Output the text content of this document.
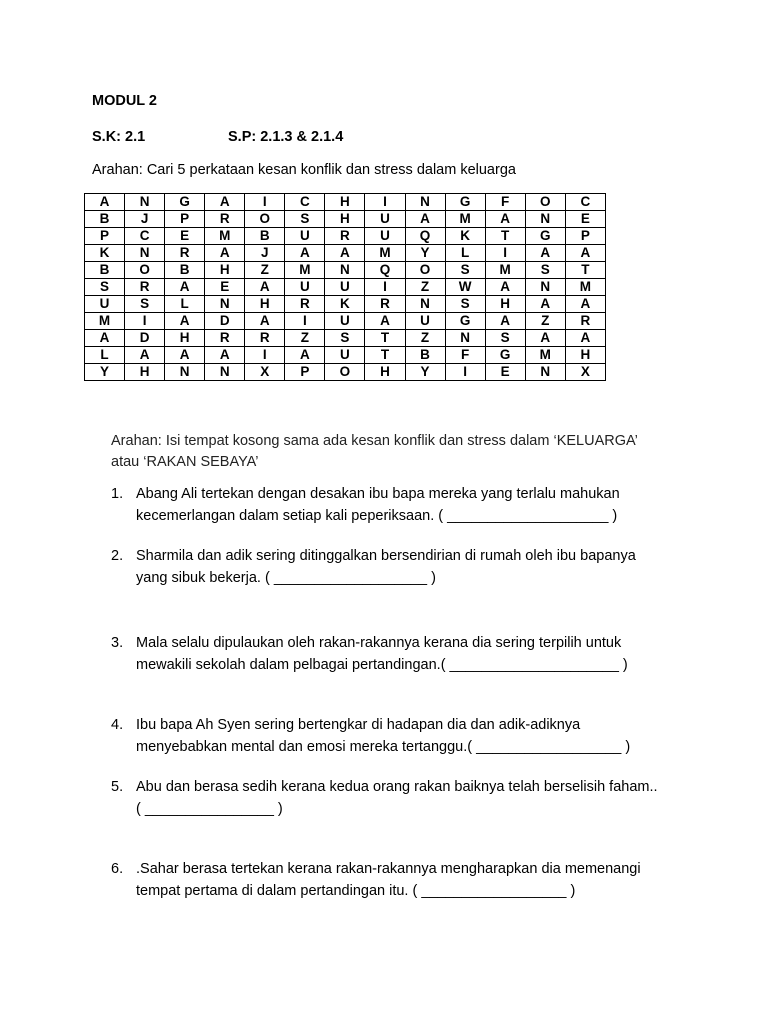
MODUL 2
S.K: 2.1	S.P: 2.1.3 & 2.1.4
Arahan: Cari 5 perkataan kesan konflik dan stress dalam keluarga
A	N	G	A	I	C	H	I	N	G	F	O	C
B	J	P	R	O	S	H	U	A	M	A	N	E
P	C	E	M	B	U	R	U	Q	K	T	G	P
K	N	R	A	J	A	A	M	Y	L	I	A	A
B	O	B	H	Z	M	N	Q	O	S	M	S	T
S	R	A	E	A	U	U	I	Z	W	A	N	M
U	S	L	N	H	R	K	R	N	S	H	A	A
M	I	A	D	A	I	U	A	U	G	A	Z	R
A	D	H	R	R	Z	S	T	Z	N	S	A	A
L	A	A	A	I	A	U	T	B	F	G	M	H
Y	H	N	N	X	P	O	H	Y	I	E	N	X
Arahan: Isi tempat kosong sama ada kesan konflik dan stress dalam ‘KELUARGA’
atau ‘RAKAN SEBAYA’
1. Abang Ali tertekan dengan desakan ibu bapa mereka yang terlalu mahukan
kecemerlangan dalam setiap kali peperiksaan. ( ____________________ )
2. Sharmila dan adik sering ditinggalkan bersendirian di rumah oleh ibu bapanya
yang sibuk bekerja. ( ___________________ )
3. Mala selalu dipulaukan oleh rakan-rakannya kerana dia sering terpilih untuk
mewakili sekolah dalam pelbagai pertandingan.( _____________________ )
4. Ibu bapa Ah Syen sering bertengkar di hadapan dia dan adik-adiknya
menyebabkan mental dan emosi mereka tertanggu.( __________________ )
5. Abu dan berasa sedih kerana kedua orang rakan baiknya telah berselisih faham..
( ________________ )
6. .Sahar berasa tertekan kerana rakan-rakannya mengharapkan dia memenangi
tempat pertama di dalam pertandingan itu. ( __________________ )
